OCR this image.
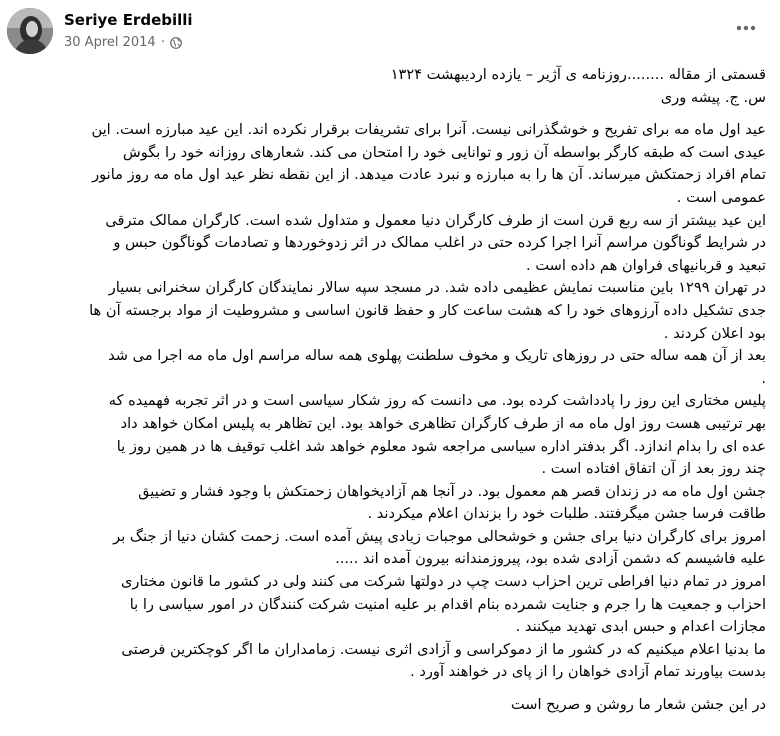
Seriye Erdebilli
30 Aprel 2014 ·

قسمتی از مقاله ........روزنامه ی آژیر – یازده اردیبهشت ۱۳۲۴

س. ج. پیشه وری

عید اول ماه مه برای تفریح و خوشگذرانی نیست. آنرا برای تشریفات برقرار نکرده اند. این عید مبارزه است. این

عیدی است که طبقه کارگر بواسطه آن زور و توانایی خود را امتحان می کند. شعارهای روزانه خود را بگوش

تمام افراد زحمتکش میرساند. آن ها را به مبارزه و نبرد عادت میدهد. از این نقطه نظر عید اول ماه مه روز مانور

عمومی است .

این عید بیشتر از سه ربع قرن است از طرف کارگران دنیا معمول و متداول شده است. کارگران ممالک مترقی

در شرایط گوناگون مراسم آنرا اجرا کرده حتی در اغلب ممالک در اثر زدوخوردها و تصادمات گوناگون حبس و

تبعید و قربانیهای فراوان هم داده است .

در تهران ۱۲۹۹ باین مناسبت نمایش عظیمی داده شد. در مسجد سپه سالار نمایندگان کارگران سخنرانی بسیار

جدی تشکیل داده آرزوهای خود را که هشت ساعت کار و حفظ قانون اساسی و مشروطیت از مواد برجسته آن ها

بود اعلان کردند .

بعد از آن همه ساله حتی در روزهای تاریک و مخوف سلطنت پهلوی همه ساله مراسم اول ماه مه اجرا می شد

.

پلیس مختاری این روز را پادداشت کرده بود. می دانست که روز شکار سیاسی است و در اثر تجربه فهمیده که

بهر ترتیبی هست روز اول ماه مه از طرف کارگران تظاهری خواهد بود. این تظاهر به پلیس امکان خواهد داد

عده ای را بدام اندازد. اگر بدفتر اداره سیاسی مراجعه شود معلوم خواهد شد اغلب توقیف ها در همین روز یا

چند روز بعد از آن اتفاق افتاده است .

جشن اول ماه مه در زندان قصر هم معمول بود. در آنجا هم آزادیخواهان زحمتکش با وجود فشار و تضییق

طاقت فرسا جشن میگرفتند. طلبات خود را بزندان اعلام میکردند .

امروز برای کارگران دنیا برای جشن و خوشحالی موجبات زیادی پیش آمده است. زحمت کشان دنیا از جنگ بر

علیه فاشیسم که دشمن آزادی شده بود، پیروزمندانه بیرون آمده اند .....

امروز در تمام دنیا افراطی ترین احزاب دست چپ در دولتها شرکت می کنند ولی در کشور ما قانون مختاری

احزاب و جمعیت ها را جرم و جنایت شمرده بنام اقدام بر علیه امنیت شرکت کنندگان در امور سیاسی را با

مجازات اعدام و حبس ابدی تهدید میکنند .

ما بدنیا اعلام میکنیم که در کشور ما از دموکراسی و آزادی اثری نیست. زمامداران ما اگر کوچکترین فرصتی

بدست بیاورند تمام آزادی خواهان را از پای در خواهند آورد .

در این جشن شعار ما روشن و صریح است
